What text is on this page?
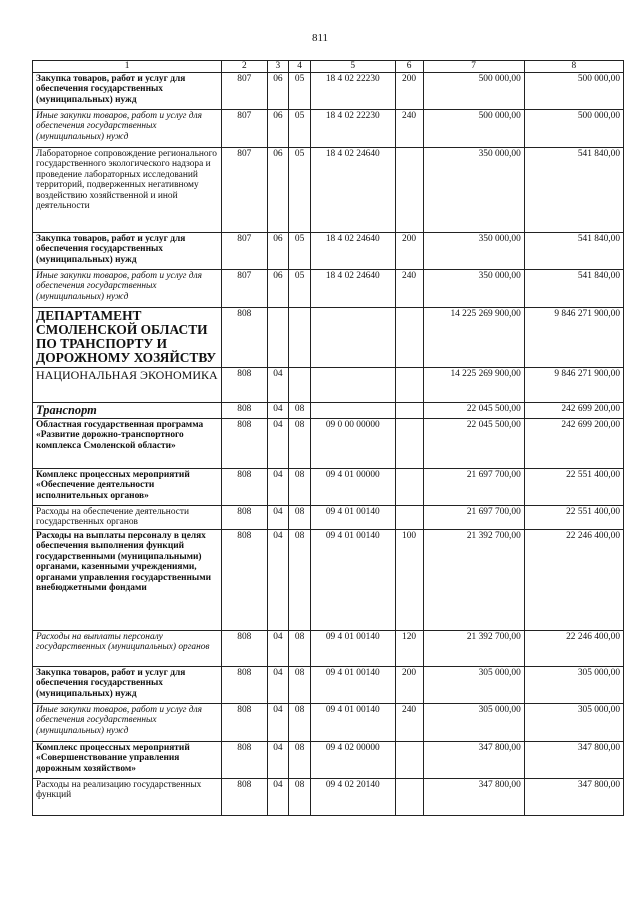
811
1	2	3	4	5	6	7	8
Закупка товаров, работ и услуг для обеспечения государственных (муниципальных) нужд	807	06	05	18 4 02 22230	200	500 000,00	500 000,00
Иные закупки товаров, работ и услуг для обеспечения государственных (муниципальных) нужд	807	06	05	18 4 02 22230	240	500 000,00	500 000,00
Лабораторное сопровождение регионального государственного экологического надзора и проведение лабораторных исследований территорий, подверженных негативному воздействию хозяйственной и иной деятельности	807	06	05	18 4 02 24640		350 000,00	541 840,00
Закупка товаров, работ и услуг для обеспечения государственных (муниципальных) нужд	807	06	05	18 4 02 24640	200	350 000,00	541 840,00
Иные закупки товаров, работ и услуг для обеспечения государственных (муниципальных) нужд	807	06	05	18 4 02 24640	240	350 000,00	541 840,00
ДЕПАРТАМЕНТ СМОЛЕНСКОЙ ОБЛАСТИ ПО ТРАНСПОРТУ И ДОРОЖНОМУ ХОЗЯЙСТВУ	808					14 225 269 900,00	9 846 271 900,00
НАЦИОНАЛЬНАЯ ЭКОНОМИКА	808	04				14 225 269 900,00	9 846 271 900,00
Транспорт	808	04	08			22 045 500,00	242 699 200,00
Областная государственная программа «Развитие дорожно-транспортного комплекса Смоленской области»	808	04	08	09 0 00 00000		22 045 500,00	242 699 200,00
Комплекс процессных мероприятий «Обеспечение деятельности исполнительных органов»	808	04	08	09 4 01 00000		21 697 700,00	22 551 400,00
Расходы на обеспечение деятельности государственных органов	808	04	08	09 4 01 00140		21 697 700,00	22 551 400,00
Расходы на выплаты персоналу в целях обеспечения выполнения функций государственными (муниципальными) органами, казенными учреждениями, органами управления государственными внебюджетными фондами	808	04	08	09 4 01 00140	100	21 392 700,00	22 246 400,00
Расходы на выплаты персоналу государственных (муниципальных) органов	808	04	08	09 4 01 00140	120	21 392 700,00	22 246 400,00
Закупка товаров, работ и услуг для обеспечения государственных (муниципальных) нужд	808	04	08	09 4 01 00140	200	305 000,00	305 000,00
Иные закупки товаров, работ и услуг для обеспечения государственных (муниципальных) нужд	808	04	08	09 4 01 00140	240	305 000,00	305 000,00
Комплекс процессных мероприятий «Совершенствование управления дорожным хозяйством»	808	04	08	09 4 02 00000		347 800,00	347 800,00
Расходы на реализацию государственных функций	808	04	08	09 4 02 20140		347 800,00	347 800,00
